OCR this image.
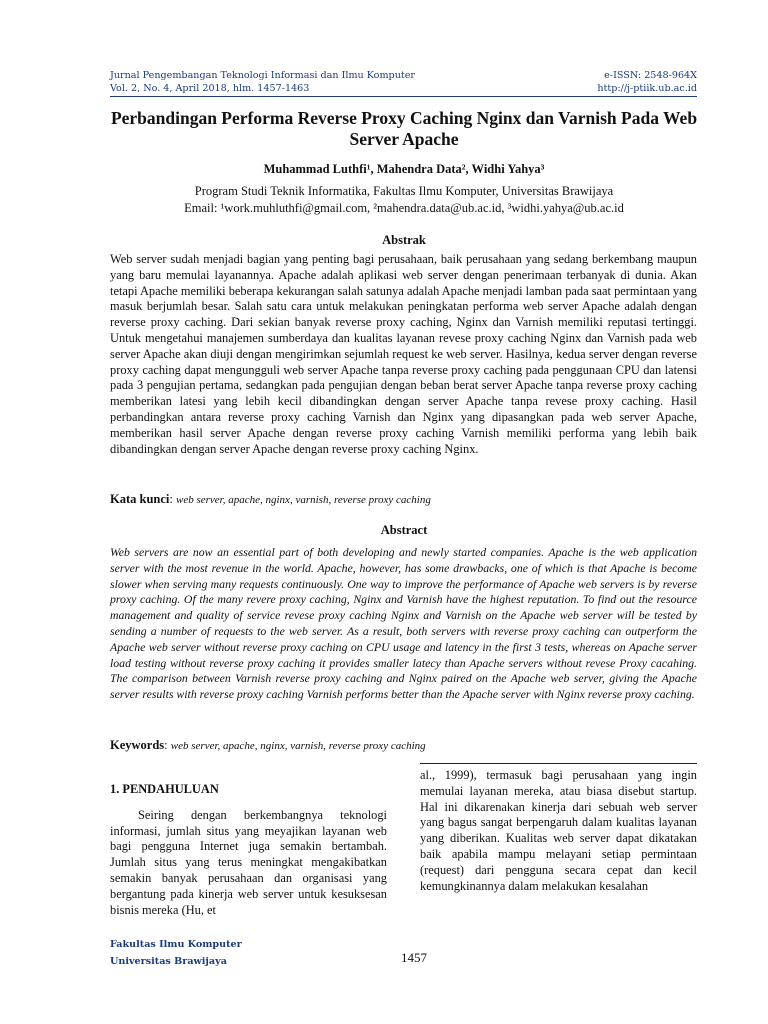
Jurnal Pengembangan Teknologi Informasi dan Ilmu Komputer	e-ISSN: 2548-964X
Vol. 2, No. 4, April 2018, hlm. 1457-1463	http://j-ptiik.ub.ac.id
Perbandingan Performa Reverse Proxy Caching Nginx dan Varnish Pada Web Server Apache
Muhammad Luthfi¹, Mahendra Data², Widhi Yahya³
Program Studi Teknik Informatika, Fakultas Ilmu Komputer, Universitas Brawijaya
Email: ¹work.muhluthfi@gmail.com, ²mahendra.data@ub.ac.id, ³widhi.yahya@ub.ac.id
Abstrak
Web server sudah menjadi bagian yang penting bagi perusahaan, baik perusahaan yang sedang berkembang maupun yang baru memulai layanannya. Apache adalah aplikasi web server dengan penerimaan terbanyak di dunia. Akan tetapi Apache memiliki beberapa kekurangan salah satunya adalah Apache menjadi lamban pada saat permintaan yang masuk berjumlah besar. Salah satu cara untuk melakukan peningkatan performa web server Apache adalah dengan reverse proxy caching. Dari sekian banyak reverse proxy caching, Nginx dan Varnish memiliki reputasi tertinggi. Untuk mengetahui manajemen sumberdaya dan kualitas layanan revese proxy caching Nginx dan Varnish pada web server Apache akan diuji dengan mengirimkan sejumlah request ke web server. Hasilnya, kedua server dengan reverse proxy caching dapat mengungguli web server Apache tanpa reverse proxy caching pada penggunaan CPU dan latensi pada 3 pengujian pertama, sedangkan pada pengujian dengan beban berat server Apache tanpa reverse proxy caching memberikan latesi yang lebih kecil dibandingkan dengan server Apache tanpa revese proxy caching. Hasil perbandingkan antara reverse proxy caching Varnish dan Nginx yang dipasangkan pada web server Apache, memberikan hasil server Apache dengan reverse proxy caching Varnish memiliki performa yang lebih baik dibandingkan dengan server Apache dengan reverse proxy caching Nginx.
Kata kunci: web server, apache, nginx, varnish, reverse proxy caching
Abstract
Web servers are now an essential part of both developing and newly started companies. Apache is the web application server with the most revenue in the world. Apache, however, has some drawbacks, one of which is that Apache is become slower when serving many requests continuously. One way to improve the performance of Apache web servers is by reverse proxy caching. Of the many revere proxy caching, Nginx and Varnish have the highest reputation. To find out the resource management and quality of service revese proxy caching Nginx and Varnish on the Apache web server will be tested by sending a number of requests to the web server. As a result, both servers with reverse proxy caching can outperform the Apache web server without reverse proxy caching on CPU usage and latency in the first 3 tests, whereas on Apache server load testing without reverse proxy caching it provides smaller latecy than Apache servers without revese Proxy cacahing. The comparison between Varnish reverse proxy caching and Nginx paired on the Apache web server, giving the Apache server results with reverse proxy caching Varnish performs better than the Apache server with Nginx reverse proxy caching.
Keywords: web server, apache, nginx, varnish, reverse proxy caching
1. PENDAHULUAN
Seiring dengan berkembangnya teknologi informasi, jumlah situs yang meyajikan layanan web bagi pengguna Internet juga semakin bertambah. Jumlah situs yang terus meningkat mengakibatkan semakin banyak perusahaan dan organisasi yang bergantung pada kinerja web server untuk kesuksesan bisnis mereka (Hu, et
al., 1999), termasuk bagi perusahaan yang ingin memulai layanan mereka, atau biasa disebut startup. Hal ini dikarenakan kinerja dari sebuah web server yang bagus sangat berpengaruh dalam kualitas layanan yang diberikan. Kualitas web server dapat dikatakan baik apabila mampu melayani setiap permintaan (request) dari pengguna secara cepat dan kecil kemungkinannya dalam melakukan kesalahan
Fakultas Ilmu Komputer
Universitas Brawijaya	1457
